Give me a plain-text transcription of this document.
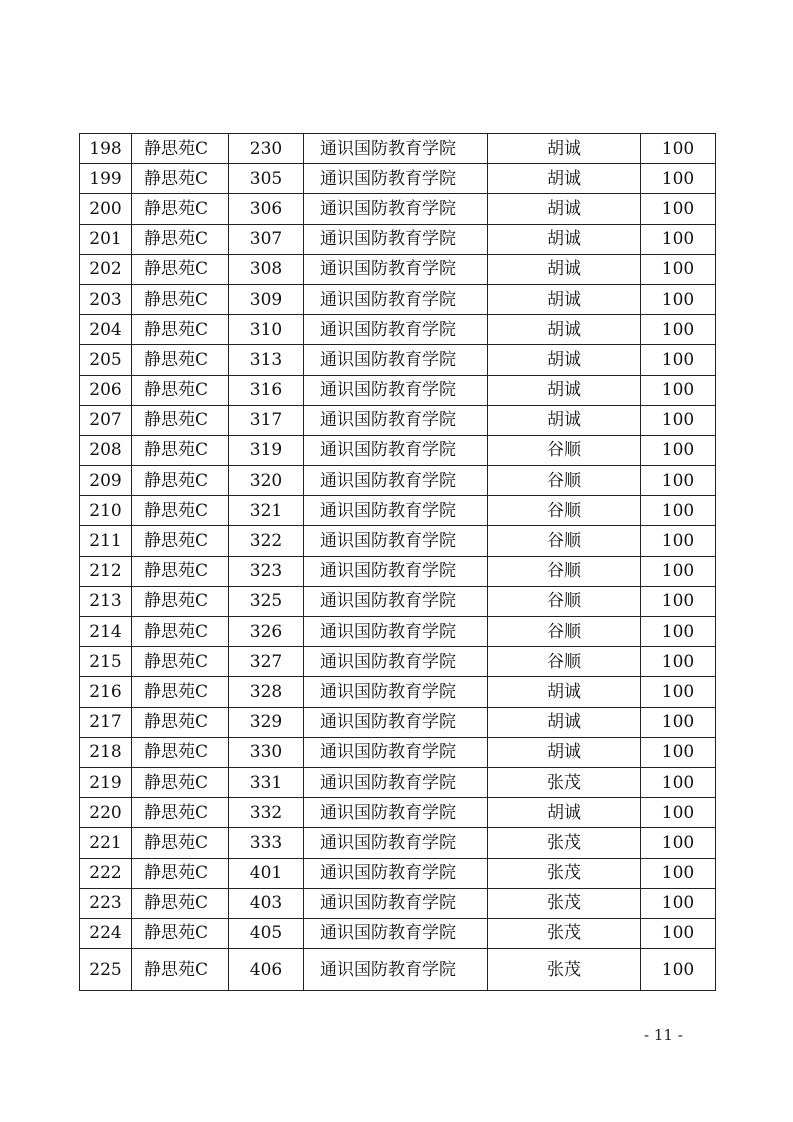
198	静思苑C	230	通识国防教育学院	胡诚	100
199	静思苑C	305	通识国防教育学院	胡诚	100
200	静思苑C	306	通识国防教育学院	胡诚	100
201	静思苑C	307	通识国防教育学院	胡诚	100
202	静思苑C	308	通识国防教育学院	胡诚	100
203	静思苑C	309	通识国防教育学院	胡诚	100
204	静思苑C	310	通识国防教育学院	胡诚	100
205	静思苑C	313	通识国防教育学院	胡诚	100
206	静思苑C	316	通识国防教育学院	胡诚	100
207	静思苑C	317	通识国防教育学院	胡诚	100
208	静思苑C	319	通识国防教育学院	谷顺	100
209	静思苑C	320	通识国防教育学院	谷顺	100
210	静思苑C	321	通识国防教育学院	谷顺	100
211	静思苑C	322	通识国防教育学院	谷顺	100
212	静思苑C	323	通识国防教育学院	谷顺	100
213	静思苑C	325	通识国防教育学院	谷顺	100
214	静思苑C	326	通识国防教育学院	谷顺	100
215	静思苑C	327	通识国防教育学院	谷顺	100
216	静思苑C	328	通识国防教育学院	胡诚	100
217	静思苑C	329	通识国防教育学院	胡诚	100
218	静思苑C	330	通识国防教育学院	胡诚	100
219	静思苑C	331	通识国防教育学院	张茂	100
220	静思苑C	332	通识国防教育学院	胡诚	100
221	静思苑C	333	通识国防教育学院	张茂	100
222	静思苑C	401	通识国防教育学院	张茂	100
223	静思苑C	403	通识国防教育学院	张茂	100
224	静思苑C	405	通识国防教育学院	张茂	100
225	静思苑C	406	通识国防教育学院	张茂	100
- 11 -
